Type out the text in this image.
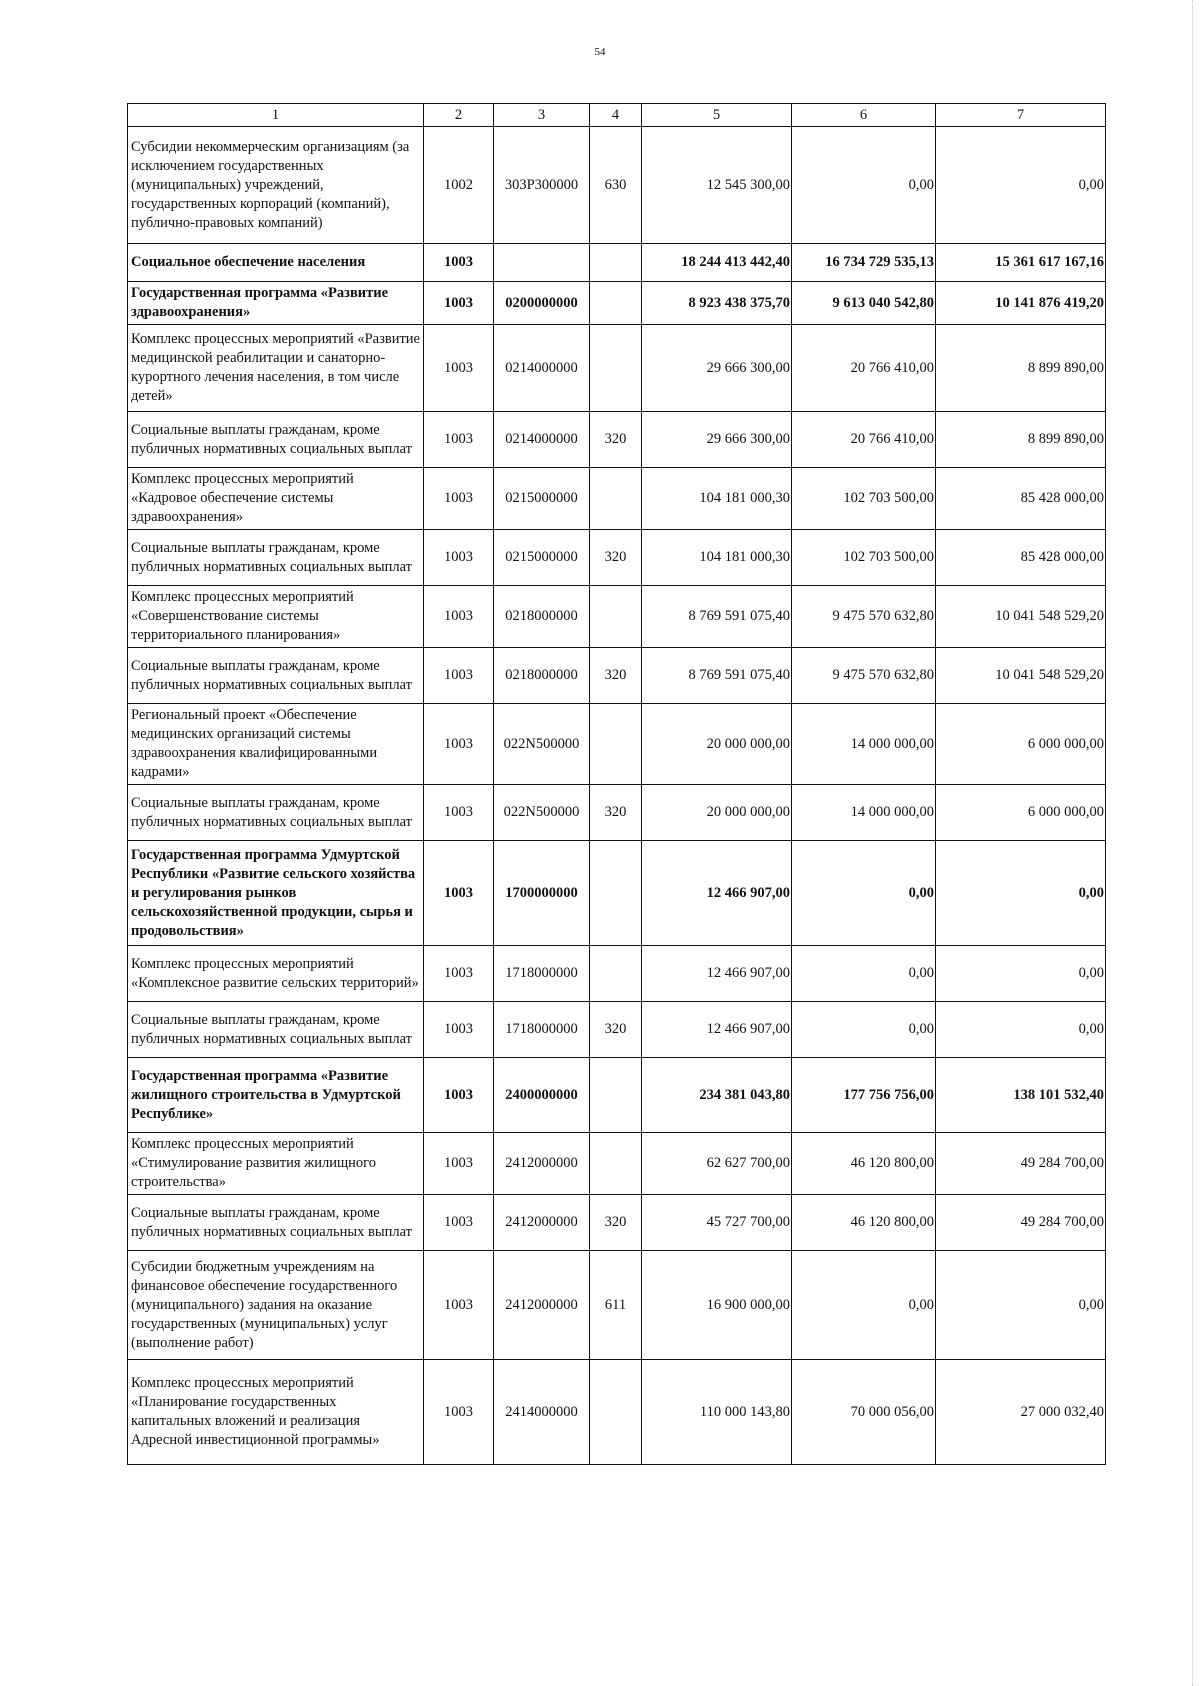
54
1	2	3	4	5	6	7
Субсидии некоммерческим организациям (за исключением государственных (муниципальных) учреждений, государственных корпораций (компаний), публично-правовых компаний)	1002	303P300000	630	12 545 300,00	0,00	0,00
Социальное обеспечение населения	1003			18 244 413 442,40	16 734 729 535,13	15 361 617 167,16
Государственная программа «Развитие здравоохранения»	1003	0200000000		8 923 438 375,70	9 613 040 542,80	10 141 876 419,20
Комплекс процессных мероприятий «Развитие медицинской реабилитации и санаторно-курортного лечения населения, в том числе детей»	1003	0214000000		29 666 300,00	20 766 410,00	8 899 890,00
Социальные выплаты гражданам, кроме публичных нормативных социальных выплат	1003	0214000000	320	29 666 300,00	20 766 410,00	8 899 890,00
Комплекс процессных мероприятий «Кадровое обеспечение системы здравоохранения»	1003	0215000000		104 181 000,30	102 703 500,00	85 428 000,00
Социальные выплаты гражданам, кроме публичных нормативных социальных выплат	1003	0215000000	320	104 181 000,30	102 703 500,00	85 428 000,00
Комплекс процессных мероприятий «Совершенствование системы территориального планирования»	1003	0218000000		8 769 591 075,40	9 475 570 632,80	10 041 548 529,20
Социальные выплаты гражданам, кроме публичных нормативных социальных выплат	1003	0218000000	320	8 769 591 075,40	9 475 570 632,80	10 041 548 529,20
Региональный проект «Обеспечение медицинских организаций системы здравоохранения квалифицированными кадрами»	1003	022N500000		20 000 000,00	14 000 000,00	6 000 000,00
Социальные выплаты гражданам, кроме публичных нормативных социальных выплат	1003	022N500000	320	20 000 000,00	14 000 000,00	6 000 000,00
Государственная программа Удмуртской Республики «Развитие сельского хозяйства и регулирования рынков сельскохозяйственной продукции, сырья и продовольствия»	1003	1700000000		12 466 907,00	0,00	0,00
Комплекс процессных мероприятий «Комплексное развитие сельских территорий»	1003	1718000000		12 466 907,00	0,00	0,00
Социальные выплаты гражданам, кроме публичных нормативных социальных выплат	1003	1718000000	320	12 466 907,00	0,00	0,00
Государственная программа «Развитие жилищного строительства в Удмуртской Республике»	1003	2400000000		234 381 043,80	177 756 756,00	138 101 532,40
Комплекс процессных мероприятий «Стимулирование развития жилищного строительства»	1003	2412000000		62 627 700,00	46 120 800,00	49 284 700,00
Социальные выплаты гражданам, кроме публичных нормативных социальных выплат	1003	2412000000	320	45 727 700,00	46 120 800,00	49 284 700,00
Субсидии бюджетным учреждениям на финансовое обеспечение государственного (муниципального) задания на оказание государственных (муниципальных) услуг (выполнение работ)	1003	2412000000	611	16 900 000,00	0,00	0,00
Комплекс процессных мероприятий «Планирование государственных капитальных вложений и реализация Адресной инвестиционной программы»	1003	2414000000		110 000 143,80	70 000 056,00	27 000 032,40
